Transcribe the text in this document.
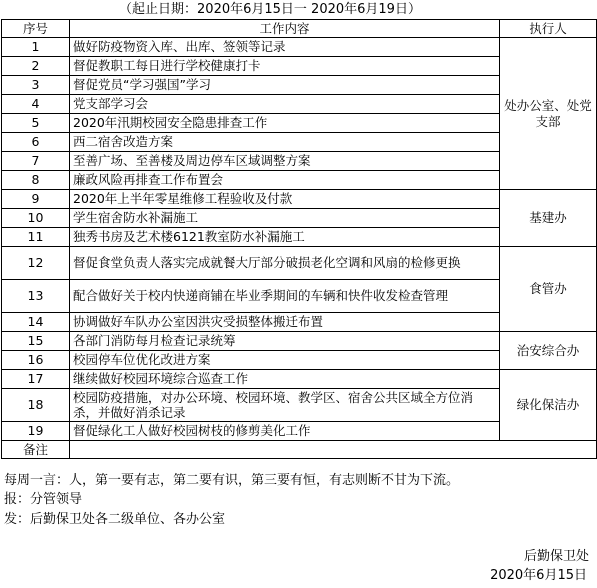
（起止日期：2020年6月15日一 2020年6月19日）
序号	工作内容	执行人
1	做好防疫物资入库、出库、签领等记录	处办公室、处党支部
2	督促教职工每日进行学校健康打卡	
3	督促党员“学习强国”学习	
4	党支部学习会	
5	2020年汛期校园安全隐患排查工作	
6	西二宿舍改造方案	
7	至善广场、至善楼及周边停车区域调整方案	
8	廉政风险再排查工作布置会	
9	2020年上半年零星维修工程验收及付款	基建办
10	学生宿舍防水补漏施工	
11	独秀书房及艺术楼6121教室防水补漏施工	
12	督促食堂负责人落实完成就餐大厅部分破损老化空调和风扇的检修更换	食管办
13	配合做好关于校内快递商铺在毕业季期间的车辆和快件收发检查管理	
14	协调做好车队办公室因洪灾受损整体搬迁布置	
15	各部门消防每月检查记录统筹	治安综合办
16	校园停车位优化改进方案	
17	继续做好校园环境综合巡查工作	绿化保洁办
18	校园防疫措施，对办公环境、校园环境、教学区、宿舍公共区域全方位消杀，并做好消杀记录	
19	督促绿化工人做好校园树枝的修剪美化工作	
备注		
每周一言：人，第一要有志，第二要有识，第三要有恒，有志则断不甘为下流。
报：分管领导
发：后勤保卫处各二级单位、各办公室
后勤保卫处
2020年6月15日
